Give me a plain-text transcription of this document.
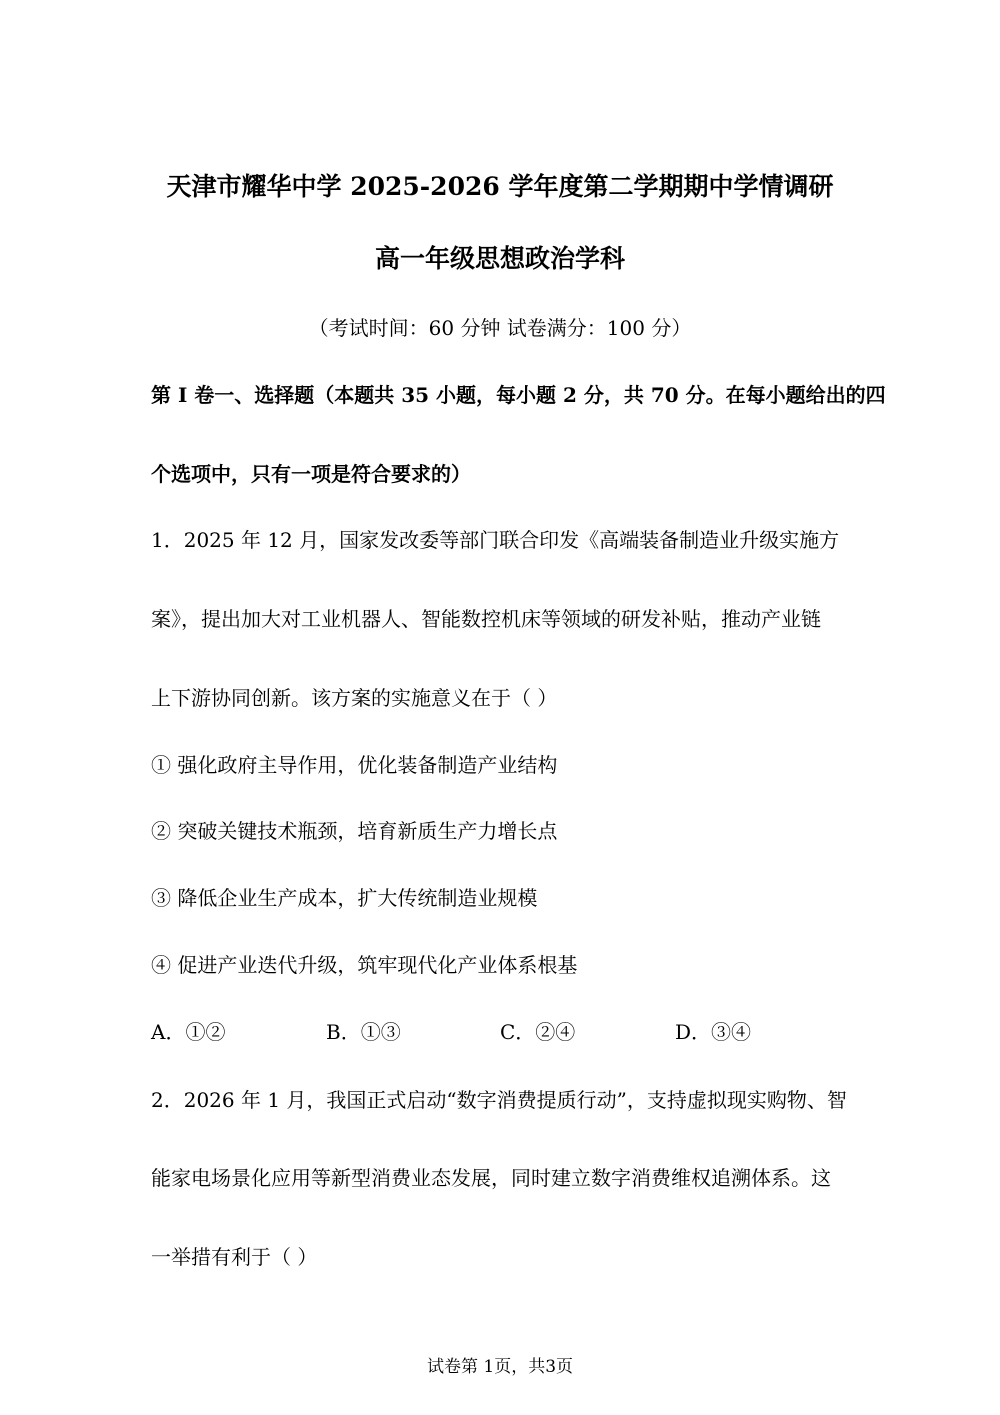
天津市耀华中学 2025-2026 学年度第二学期期中学情调研
高一年级思想政治学科
（考试时间：60 分钟 试卷满分：100 分）
第 I 卷一、选择题（本题共 35 小题，每小题 2 分，共 70 分。在每小题给出的四
个选项中，只有一项是符合要求的）
1．2025 年 12 月，国家发改委等部门联合印发《高端装备制造业升级实施方
案》，提出加大对工业机器人、智能数控机床等领域的研发补贴，推动产业链
上下游协同创新。该方案的实施意义在于（ ）
① 强化政府主导作用，优化装备制造产业结构
② 突破关键技术瓶颈，培育新质生产力增长点
③ 降低企业生产成本，扩大传统制造业规模
④ 促进产业迭代升级，筑牢现代化产业体系根基
A．①②	B．①③	C．②④	D．③④
2．2026 年 1 月，我国正式启动“数字消费提质行动”，支持虚拟现实购物、智
能家电场景化应用等新型消费业态发展，同时建立数字消费维权追溯体系。这
一举措有利于（ ）
试卷第 1页，共3页
